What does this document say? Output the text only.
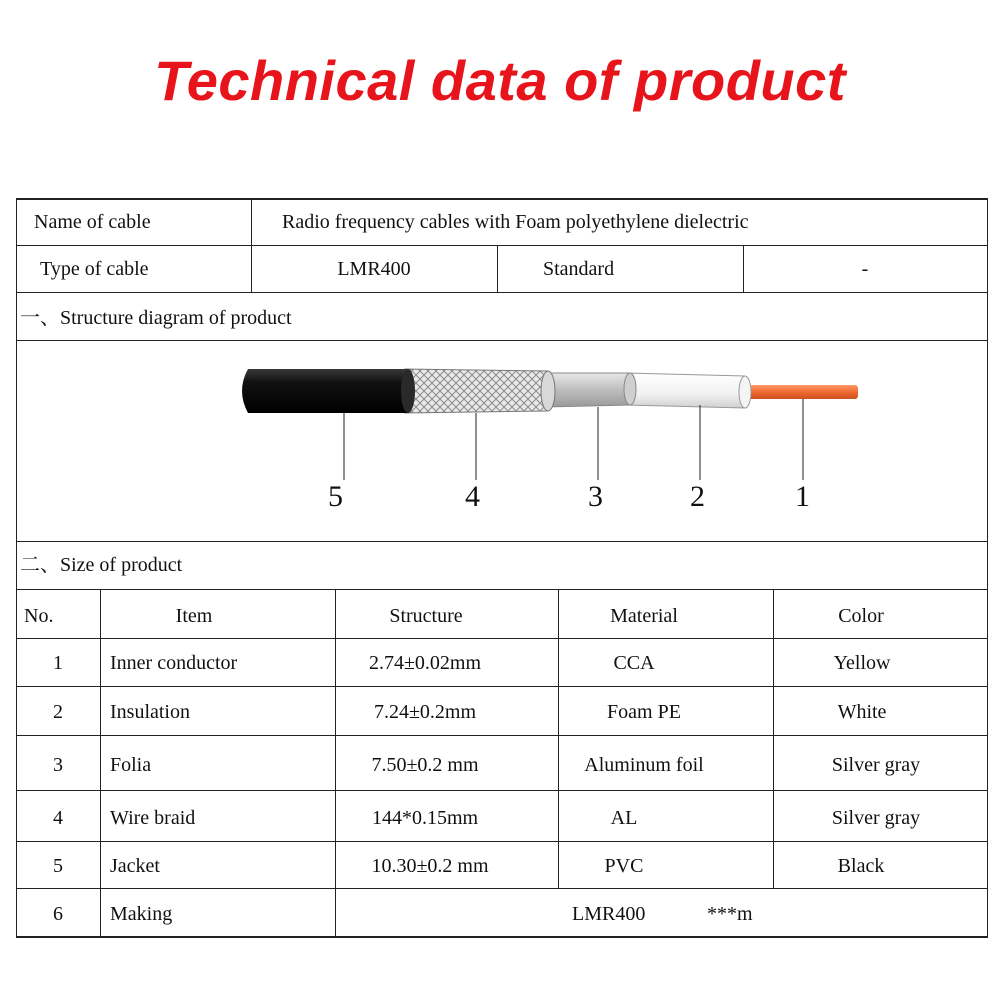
Technical data of product
Name of cable	Radio frequency cables with Foam polyethylene dielectric
Type of cable	LMR400	Standard	-
一、Structure diagram of product
5	4	3	2	1
二、Size of product
No.	Item	Structure	Material	Color
1	Inner conductor	2.74±0.02mm	CCA	Yellow
2	Insulation	7.24±0.2mm	Foam PE	White
3	Folia	7.50±0.2 mm	Aluminum foil	Silver gray
4	Wire braid	144*0.15mm	AL	Silver gray
5	Jacket	10.30±0.2 mm	PVC	Black
6	Making	LMR400	***m
